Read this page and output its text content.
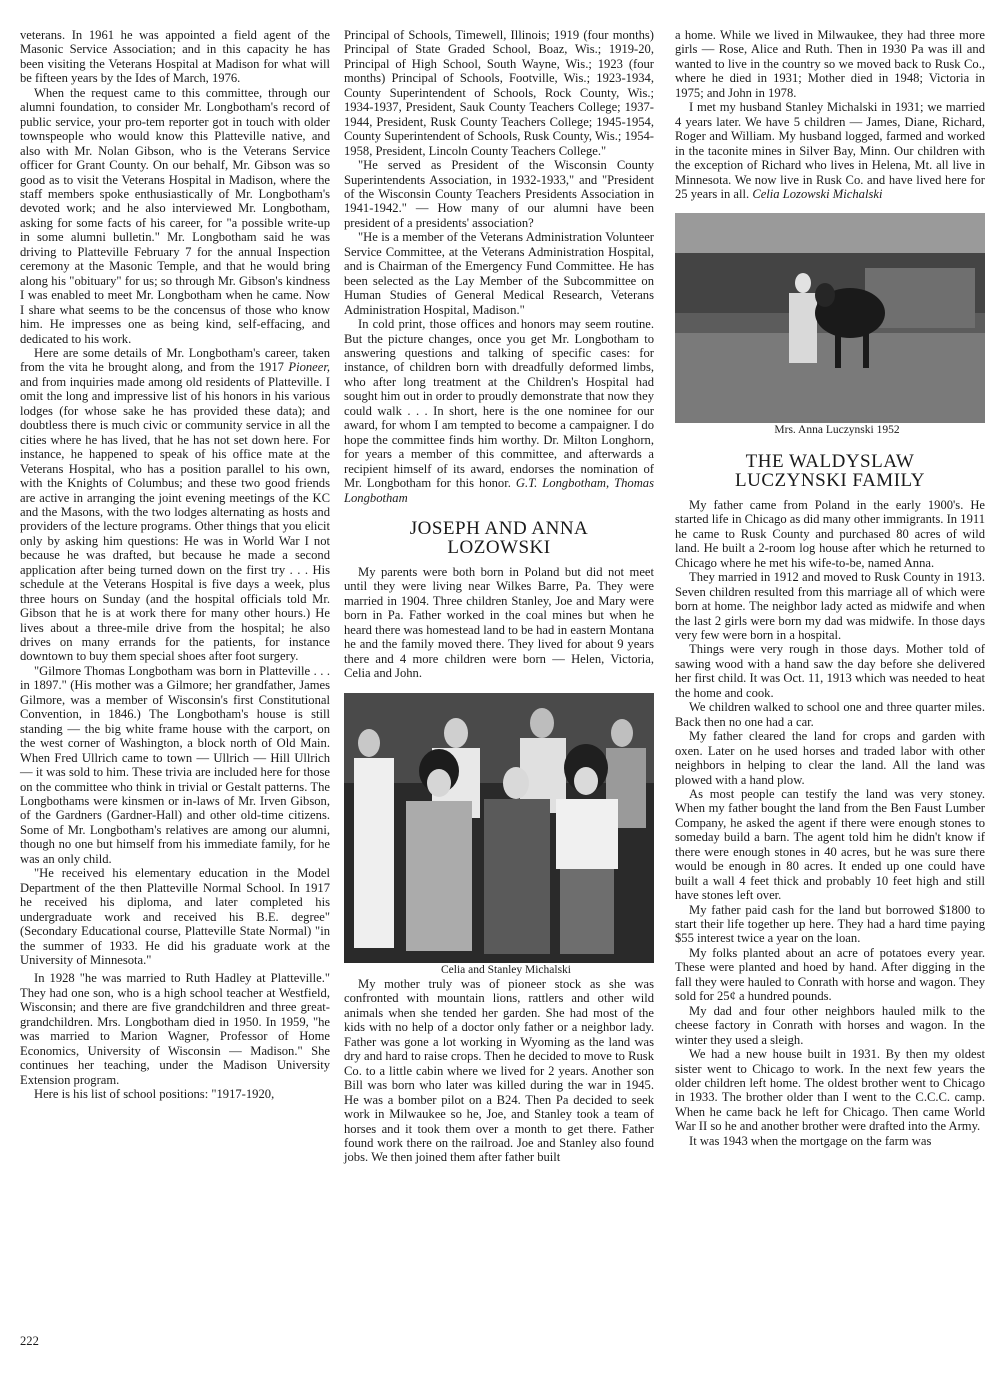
veterans. In 1961 he was appointed a field agent of the Masonic Service Association; and in this capacity he has been visiting the Veterans Hospital at Madison for what will be fifteen years by the Ides of March, 1976.

When the request came to this committee, through our alumni foundation, to consider Mr. Longbotham's record of public service, your pro-tem reporter got in touch with older townspeople who would know this Platteville native, and also with Mr. Nolan Gibson, who is the Veterans Service officer for Grant County. On our behalf, Mr. Gibson was so good as to visit the Veterans Hospital in Madison, where the staff members spoke enthusiastically of Mr. Longbotham's devoted work; and he also interviewed Mr. Longbotham, asking for some facts of his career, for "a possible write-up in some alumni bulletin." Mr. Longbotham said he was driving to Platteville February 7 for the annual Inspection ceremony at the Masonic Temple, and that he would bring along his "obituary" for us; so through Mr. Gibson's kindness I was enabled to meet Mr. Longbotham when he came. Now I share what seems to be the concensus of those who know him. He impresses one as being kind, self-effacing, and dedicated to his work.

Here are some details of Mr. Longbotham's career, taken from the vita he brought along, and from the 1917 Pioneer, and from inquiries made among old residents of Platteville. I omit the long and impressive list of his honors in his various lodges (for whose sake he has provided these data); and doubtless there is much civic or community service in all the cities where he has lived, that he has not set down here. For instance, he happened to speak of his office mate at the Veterans Hospital, who has a position parallel to his own, with the Knights of Columbus; and these two good friends are active in arranging the joint evening meetings of the KC and the Masons, with the two lodges alternating as hosts and providers of the lecture programs. Other things that you elicit only by asking him questions: He was in World War I not because he was drafted, but because he made a second application after being turned down on the first try . . . His schedule at the Veterans Hospital is five days a week, plus three hours on Sunday (and the hospital officials told Mr. Gibson that he is at work there for many other hours.) He lives about a three-mile drive from the hospital; he also drives on many errands for the patients, for instance downtown to buy them special shoes after foot surgery.

"Gilmore Thomas Longbotham was born in Platteville . . . in 1897." (His mother was a Gilmore; her grandfather, James Gilmore, was a member of Wisconsin's first Constitutional Convention, in 1846.) The Longbotham's house is still standing — the big white frame house with the carport, on the west corner of Washington, a block north of Old Main. When Fred Ullrich came to town — Ullrich — Hill Ullrich — it was sold to him. These trivia are included here for those on the committee who think in trivial or Gestalt patterns. The Longbothams were kinsmen or in-laws of Mr. Irven Gibson, of the Gardners (Gardner-Hall) and other old-time citizens. Some of Mr. Longbotham's relatives are among our alumni, though no one but himself from his immediate family, for he was an only child.

"He received his elementary education in the Model Department of the then Platteville Normal School. In 1917 he received his diploma, and later completed his undergraduate work and received his B.E. degree" (Secondary Educational course, Platteville State Normal) "in the summer of 1933. He did his graduate work at the University of Minnesota."

In 1928 "he was married to Ruth Hadley at Platteville." They had one son, who is a high school teacher at Westfield, Wisconsin; and there are five grandchildren and three great-grandchildren. Mrs. Longbotham died in 1950. In 1959, "he was married to Marion Wagner, Professor of Home Economics, University of Wisconsin — Madison." She continues her teaching, under the Madison University Extension program.

Here is his list of school positions: "1917-1920,

Principal of Schools, Timewell, Illinois; 1919 (four months) Principal of State Graded School, Boaz, Wis.; 1919-20, Principal of High School, South Wayne, Wis.; 1923 (four months) Principal of Schools, Footville, Wis.; 1923-1934, County Superintendent of Schools, Rock County, Wis.; 1934-1937, President, Sauk County Teachers College; 1937-1944, President, Rusk County Teachers College; 1945-1954, County Superintendent of Schools, Rusk County, Wis.; 1954-1958, President, Lincoln County Teachers College."

"He served as President of the Wisconsin County Superintendents Association, in 1932-1933," and "President of the Wisconsin County Teachers Presidents Association in 1941-1942." — How many of our alumni have been president of a presidents' association?

"He is a member of the Veterans Administration Volunteer Service Committee, at the Veterans Administration Hospital, and is Chairman of the Emergency Fund Committee. He has been selected as the Lay Member of the Subcommittee on Human Studies of General Medical Research, Veterans Administration Hospital, Madison."

In cold print, those offices and honors may seem routine. But the picture changes, once you get Mr. Longbotham to answering questions and talking of specific cases: for instance, of children born with dreadfully deformed limbs, who after long treatment at the Children's Hospital had sought him out in order to proudly demonstrate that now they could walk . . . In short, here is the one nominee for our award, for whom I am tempted to become a campaigner. I do hope the committee finds him worthy. Dr. Milton Longhorn, for years a member of this committee, and afterwards a recipient himself of its award, endorses the nomination of Mr. Longbotham for this honor. G.T. Longbotham, Thomas Longbotham

JOSEPH AND ANNA
LOZOWSKI

My parents were both born in Poland but did not meet until they were living near Wilkes Barre, Pa. They were married in 1904. Three children Stanley, Joe and Mary were born in Pa. Father worked in the coal mines but when he heard there was homestead land to be had in eastern Montana he and the family moved there. They lived for about 9 years there and 4 more children were born — Helen, Victoria, Celia and John.

Celia and Stanley Michalski

My mother truly was of pioneer stock as she was confronted with mountain lions, rattlers and other wild animals when she tended her garden. She had most of the kids with no help of a doctor only father or a neighbor lady. Father was gone a lot working in Wyoming as the land was dry and hard to raise crops. Then he decided to move to Rusk Co. to a little cabin where we lived for 2 years. Another son Bill was born who later was killed during the war in 1945. He was a bomber pilot on a B24. Then Pa decided to seek work in Milwaukee so he, Joe, and Stanley took a team of horses and it took them over a month to get there. Father found work there on the railroad. Joe and Stanley also found jobs. We then joined them after father built

a home. While we lived in Milwaukee, they had three more girls — Rose, Alice and Ruth. Then in 1930 Pa was ill and wanted to live in the country so we moved back to Rusk Co., where he died in 1931; Mother died in 1948; Victoria in 1975; and John in 1978.

I met my husband Stanley Michalski in 1931; we married 4 years later. We have 5 children — James, Diane, Richard, Roger and William. My husband logged, farmed and worked in the taconite mines in Silver Bay, Minn. Our children with the exception of Richard who lives in Helena, Mt. all live in Minnesota. We now live in Rusk Co. and have lived here for 25 years in all. Celia Lozowski Michalski

Mrs. Anna Luczynski 1952

THE WALDYSLAW
LUCZYNSKI FAMILY

My father came from Poland in the early 1900's. He started life in Chicago as did many other immigrants. In 1911 he came to Rusk County and purchased 80 acres of wild land. He built a 2-room log house after which he returned to Chicago where he met his wife-to-be, named Anna.

They married in 1912 and moved to Rusk County in 1913. Seven children resulted from this marriage all of which were born at home. The neighbor lady acted as midwife and when the last 2 girls were born my dad was midwife. In those days very few were born in a hospital.

Things were very rough in those days. Mother told of sawing wood with a hand saw the day before she delivered her first child. It was Oct. 11, 1913 which was needed to heat the home and cook.

We children walked to school one and three quarter miles. Back then no one had a car.

My father cleared the land for crops and garden with oxen. Later on he used horses and traded labor with other neighbors in helping to clear the land. All the land was plowed with a hand plow.

As most people can testify the land was very stoney. When my father bought the land from the Ben Faust Lumber Company, he asked the agent if there were enough stones to someday build a barn. The agent told him he didn't know if there were enough stones in 40 acres, but he was sure there would be enough in 80 acres. It ended up one could have built a wall 4 feet thick and probably 10 feet high and still have stones left over.

My father paid cash for the land but borrowed $1800 to start their life together up here. They had a hard time paying $55 interest twice a year on the loan.

My folks planted about an acre of potatoes every year. These were planted and hoed by hand. After digging in the fall they were hauled to Conrath with horse and wagon. They sold for 25¢ a hundred pounds.

My dad and four other neighbors hauled milk to the cheese factory in Conrath with horses and wagon. In the winter they used a sleigh.

We had a new house built in 1931. By then my oldest sister went to Chicago to work. In the next few years the older children left home. The oldest brother went to Chicago in 1933. The brother older than I went to the C.C.C. camp. When he came back he left for Chicago. Then came World War II so he and another brother were drafted into the Army.

It was 1943 when the mortgage on the farm was

222
